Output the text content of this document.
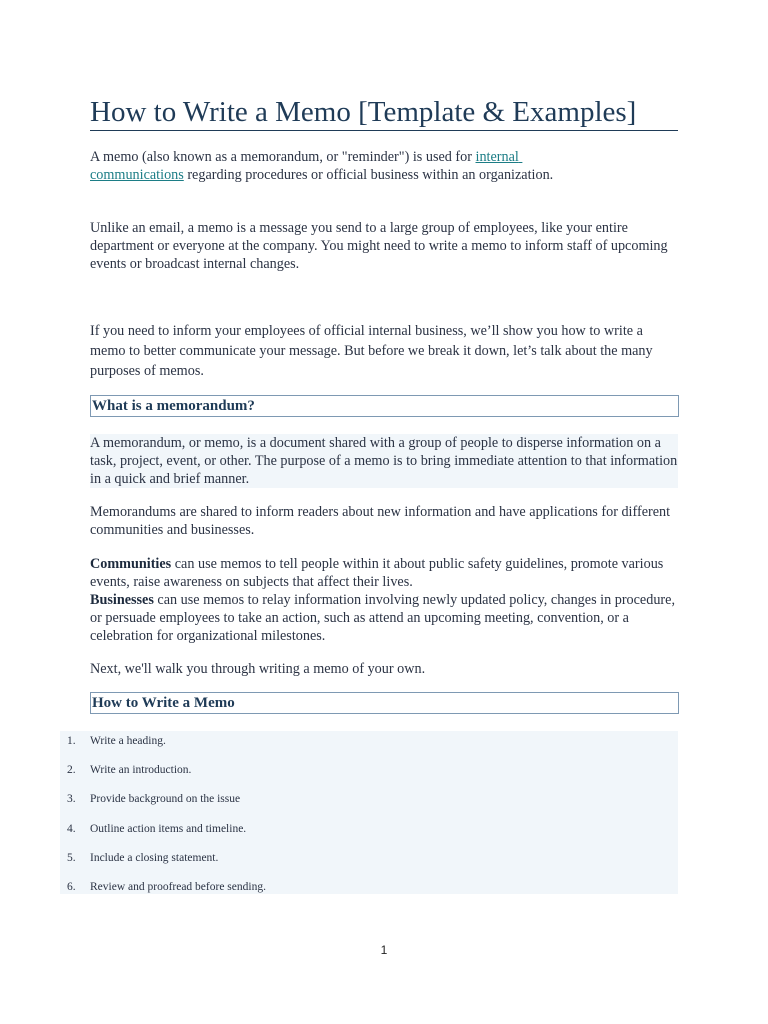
How to Write a Memo [Template & Examples]
A memo (also known as a memorandum, or "reminder") is used for internal
communications regarding procedures or official business within an organization.
Unlike an email, a memo is a message you send to a large group of employees, like your entire department or everyone at the company. You might need to write a memo to inform staff of upcoming events or broadcast internal changes.
If you need to inform your employees of official internal business, we’ll show you how to write a memo to better communicate your message. But before we break it down, let’s talk about the many purposes of memos.
What is a memorandum?
A memorandum, or memo, is a document shared with a group of people to disperse information on a task, project, event, or other. The purpose of a memo is to bring immediate attention to that information in a quick and brief manner.
Memorandums are shared to inform readers about new information and have applications for different communities and businesses.
Communities can use memos to tell people within it about public safety guidelines, promote various events, raise awareness on subjects that affect their lives.
Businesses can use memos to relay information involving newly updated policy, changes in procedure, or persuade employees to take an action, such as attend an upcoming meeting, convention, or a celebration for organizational milestones.
Next, we'll walk you through writing a memo of your own.
How to Write a Memo
1.	Write a heading.
2.	Write an introduction.
3.	Provide background on the issue
4.	Outline action items and timeline.
5.	Include a closing statement.
6.	Review and proofread before sending.
1
